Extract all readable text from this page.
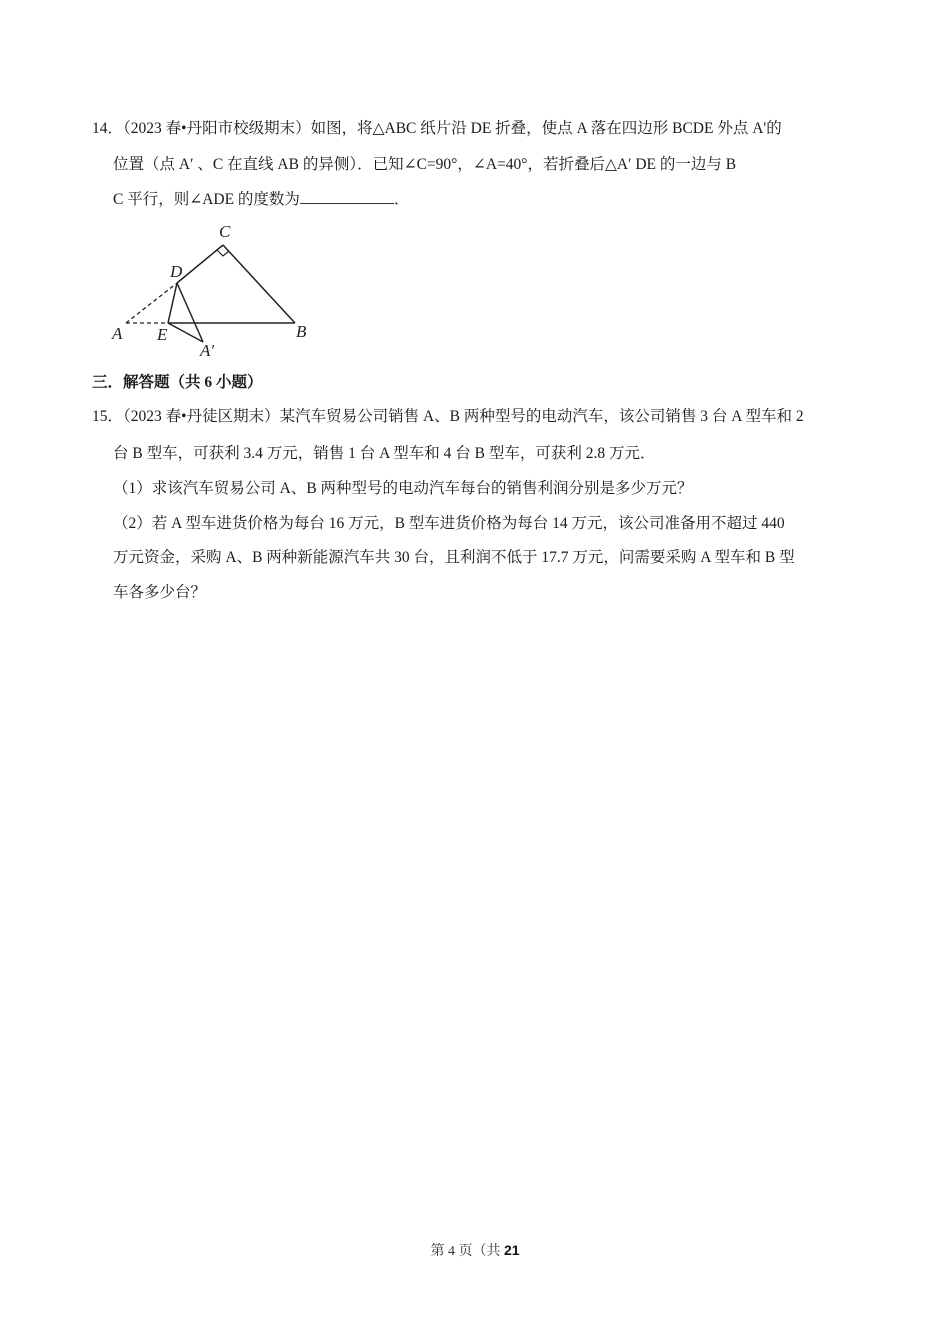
14．（2023 春•丹阳市校级期末）如图，将△ABC 纸片沿 DE 折叠，使点 A 落在四边形 BCDE 外点 A'的
位置（点 A′ 、C 在直线 AB 的异侧）．已知∠C=90°，∠A=40°，若折叠后△A′ DE 的一边与 B
C 平行，则∠ADE 的度数为	．
C
D
A E	B
A′
三．解答题（共 6 小题）
15．（2023 春•丹徒区期末）某汽车贸易公司销售 A、B 两种型号的电动汽车，该公司销售 3 台 A 型车和 2
台 B 型车，可获利 3.4 万元，销售 1 台 A 型车和 4 台 B 型车，可获利 2.8 万元．
（1）求该汽车贸易公司 A、B 两种型号的电动汽车每台的销售利润分别是多少万元？
（2）若 A 型车进货价格为每台 16 万元，B 型车进货价格为每台 14 万元，该公司准备用不超过 440
万元资金，采购 A、B 两种新能源汽车共 30 台，且利润不低于 17.7 万元，问需要采购 A 型车和 B 型
车各多少台？
第 4 页（共 21
